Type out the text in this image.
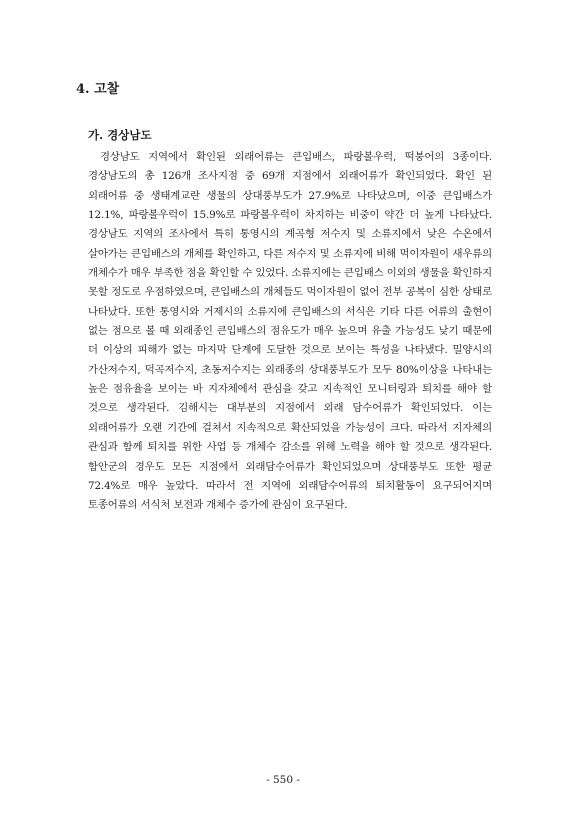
4. 고찰
가. 경상남도

경상남도 지역에서 확인된 외래어류는 큰입배스, 파랑볼우럭, 떡붕어의 3종이다. 경상남도의 총 126개 조사지점 중 69개 지점에서 외래어류가 확인되었다. 확인 된 외래어류 중 생태계교란 생물의 상대풍부도가 27.9%로 나타났으며, 이중 큰입배스가 12.1%, 파랑볼우럭이 15.9%로 파랑볼우럭이 차지하는 비중이 약간 더 높게 나타났다. 경상남도 지역의 조사에서 특히 통영시의 계곡형 저수지 및 소류지에서 낮은 수온에서 살아가는 큰입배스의 개체를 확인하고, 다른 저수지 및 소류지에 비해 먹이자원이 새우류의 개체수가 매우 부족한 점을 확인할 수 있었다. 소류지에는 큰입배스 이외의 생물을 확인하지 못할 정도로 우점하였으며, 큰입배스의 개체들도 먹이자원이 없어 전부 공복이 심한 상태로 나타났다. 또한 통영시와 거제시의 소류지에 큰입배스의 서식은 기타 다른 어류의 출현이 없는 점으로 볼 때 외래종인 큰입배스의 점유도가 매우 높으며 유출 가능성도 낮기 때문에 더 이상의 피해가 없는 마지막 단계에 도달한 것으로 보이는 특성을 나타냈다. 밀양시의 가산저수지, 덕곡저수지, 초동저수지는 외래종의 상대풍부도가 모두 80%이상을 나타내는 높은 점유율을 보이는 바 지자체에서 관심을 갖고 지속적인 모니터링과 퇴치를 해야 할 것으로 생각된다. 김해시는 대부분의 지점에서 외래 담수어류가 확인되었다. 이는 외래어류가 오랜 기간에 걸쳐서 지속적으로 확산되었을 가능성이 크다. 따라서 지자체의 관심과 함께 퇴치를 위한 사업 등 개체수 감소를 위해 노력을 해야 할 것으로 생각된다. 함안군의 경우도 모든 지점에서 외래담수어류가 확인되었으며 상대풍부도 또한 평균 72.4%로 매우 높았다. 따라서 전 지역에 외래담수어류의 퇴치활동이 요구되어지며 토종어류의 서식처 보전과 개체수 증가에 관심이 요구된다.

- 550 -
